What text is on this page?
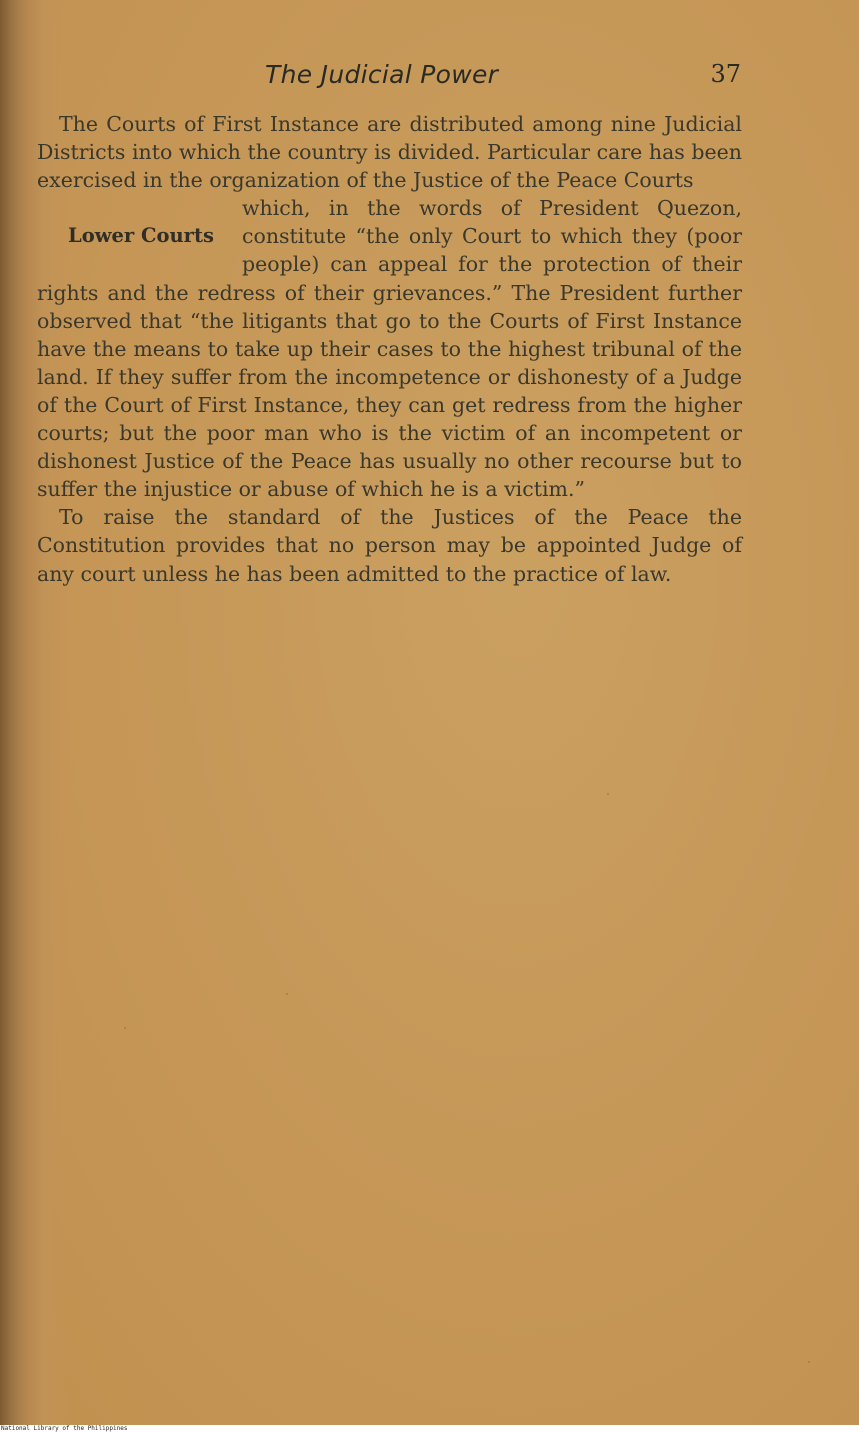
The Judicial Power	37

The Courts of First Instance are distributed among nine Judicial Districts into which the country is divided. Particular care has been exercised in the organization of the Justice of the Peace Courts

Lower Courts

which, in the words of President Quezon, constitute “the only Court to which they (poor people) can appeal for the protection of their

rights and the redress of their grievances.” The President further observed that “the litigants that go to the Courts of First Instance have the means to take up their cases to the highest tribunal of the land. If they suffer from the incompetence or dishonesty of a Judge of the Court of First Instance, they can get redress from the higher courts; but the poor man who is the victim of an incompetent or dishonest Justice of the Peace has usually no other recourse but to suffer the injustice or abuse of which he is a victim.”

To raise the standard of the Justices of the Peace the Constitution provides that no person may be appointed Judge of any court unless he has been admitted to the practice of law.

National Library of the Philippines
